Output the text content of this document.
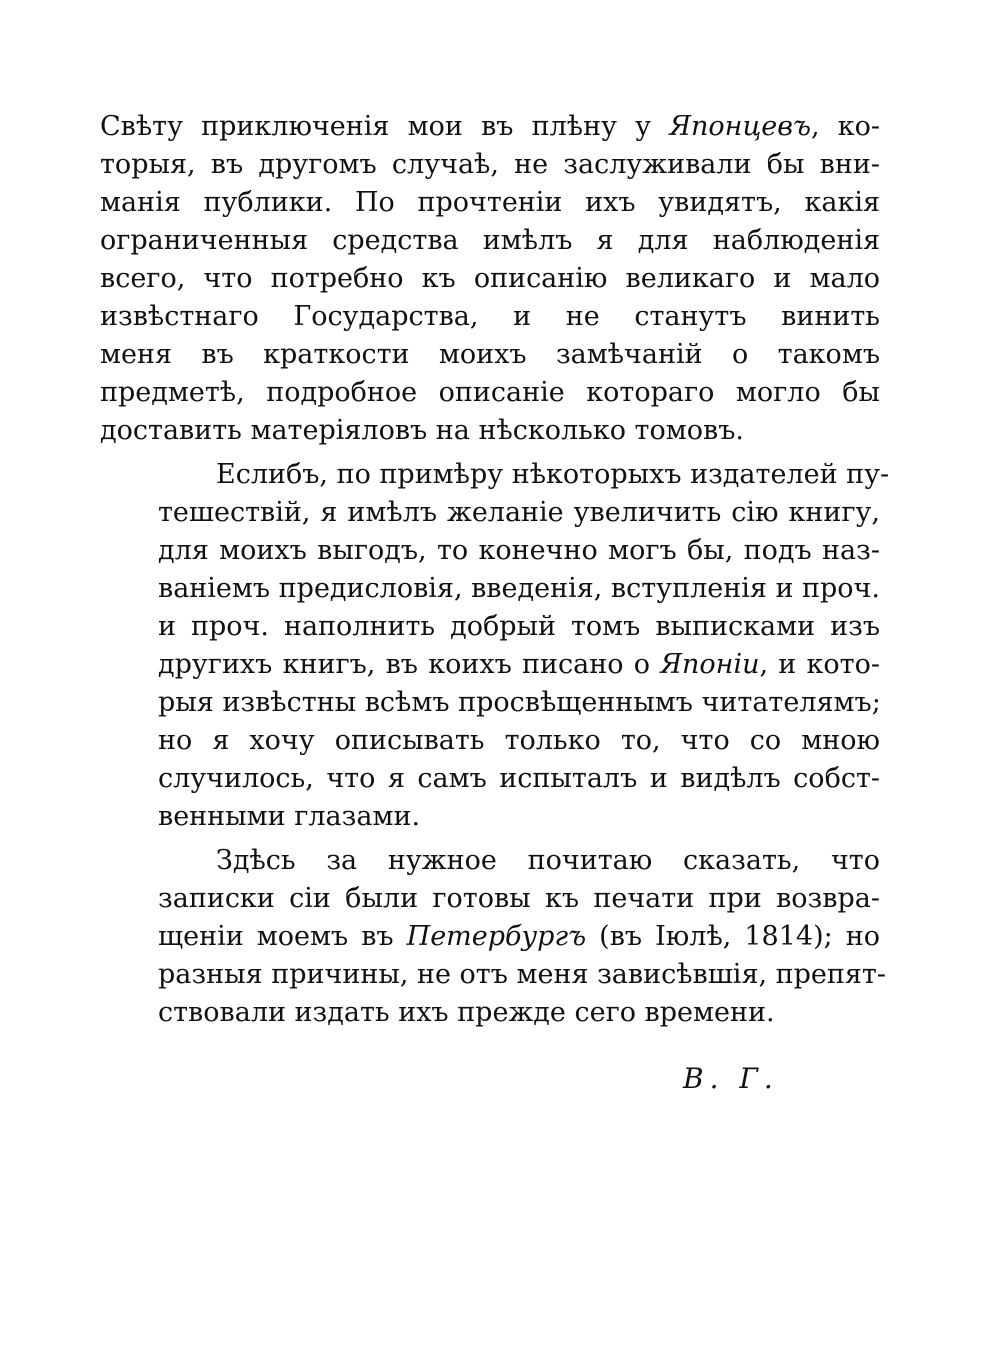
Свѣту приключенія мои въ плѣну у Японцевъ, ко-
торыя, въ другомъ случаѣ, не заслуживали бы вни-
манія публики. По прочтеніи ихъ увидятъ, какія
ограниченныя средства имѣлъ я для наблюденія
всего, что потребно къ описанію великаго и мало
извѣстнаго Государства, и не станутъ винить
меня въ краткости моихъ замѣчаній о такомъ
предметѣ, подробное описаніе котораго могло бы
доставить матеріяловъ на нѣсколько томовъ.
Еслибъ, по примѣру нѣкоторыхъ издателей пу-
тешествій, я имѣлъ желаніе увеличить сію книгу,
для моихъ выгодъ, то конечно могъ бы, подъ наз-
ваніемъ предисловія, введенія, вступленія и проч.
и проч. наполнить добрый томъ выписками изъ
другихъ книгъ, въ коихъ писано о Японіи, и кото-
рыя извѣстны всѣмъ просвѣщеннымъ читателямъ;
но я хочу описывать только то, что со мною
случилось, что я самъ испыталъ и видѣлъ собст-
венными глазами.
Здѣсь за нужное почитаю сказать, что
записки сіи были готовы къ печати при возвра-
щеніи моемъ въ Петербургъ (въ Іюлѣ, 1814); но
разныя причины, не отъ меня зависѣвшія, препят-
ствовали издать ихъ прежде сего времени.
В. Г.
